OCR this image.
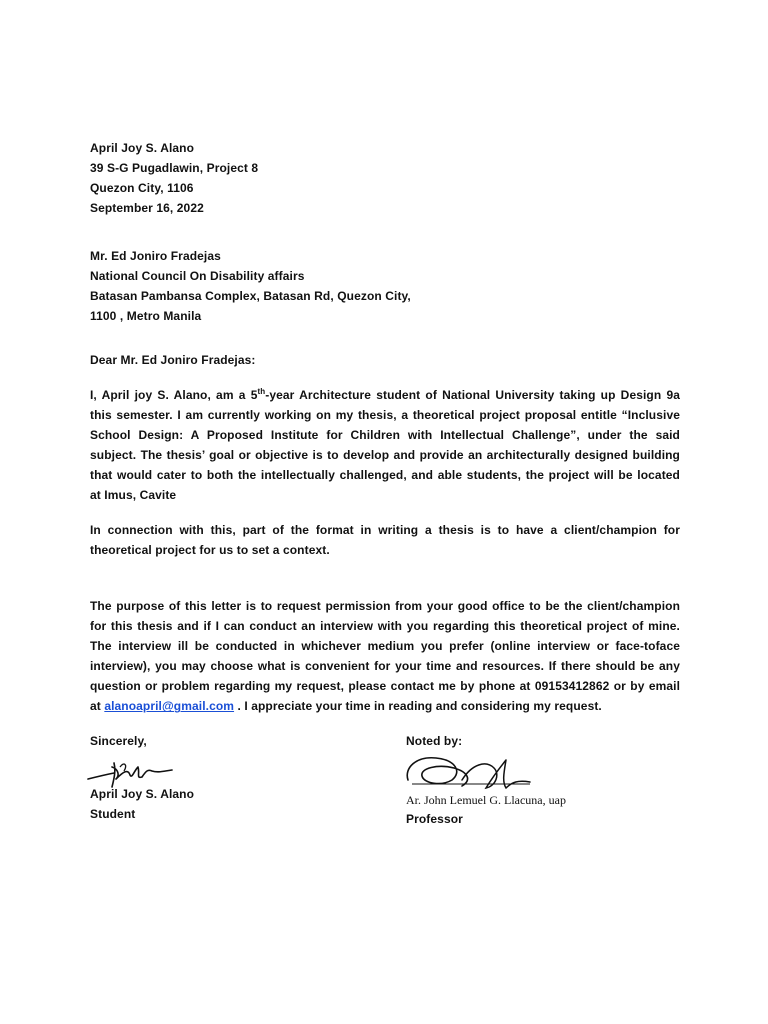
April Joy S. Alano
39 S-G Pugadlawin, Project 8
Quezon City, 1106
September 16, 2022
Mr. Ed Joniro Fradejas
National Council On Disability affairs
Batasan Pambansa Complex, Batasan Rd, Quezon City,
1100 , Metro Manila
Dear Mr. Ed Joniro Fradejas:
I, April joy S. Alano, am a 5th-year Architecture student of National University taking up Design 9a
this semester. I am currently working on my thesis, a theoretical project proposal entitle “Inclusive
School Design: A Proposed Institute for Children with Intellectual Challenge”, under the said
subject. The thesis’ goal or objective is to develop and provide an architecturally designed building
that would cater to both the intellectually challenged, and able students, the project will be located
at Imus, Cavite
In connection with this, part of the format in writing a thesis is to have a client/champion for
theoretical project for us to set a context.
The purpose of this letter is to request permission from your good office to be the client/champion
for this thesis and if I can conduct an interview with you regarding this theoretical project of mine.
The interview ill be conducted in whichever medium you prefer (online interview or face-toface
interview), you may choose what is convenient for your time and resources. If there should be any
question or problem regarding my request, please contact me by phone at 09153412862 or by email
at alanoapril@gmail.com . I appreciate your time in reading and considering my request.
Sincerely,
April Joy S. Alano
Student
Noted by:
Ar. John Lemuel G. Llacuna, uap
Professor
